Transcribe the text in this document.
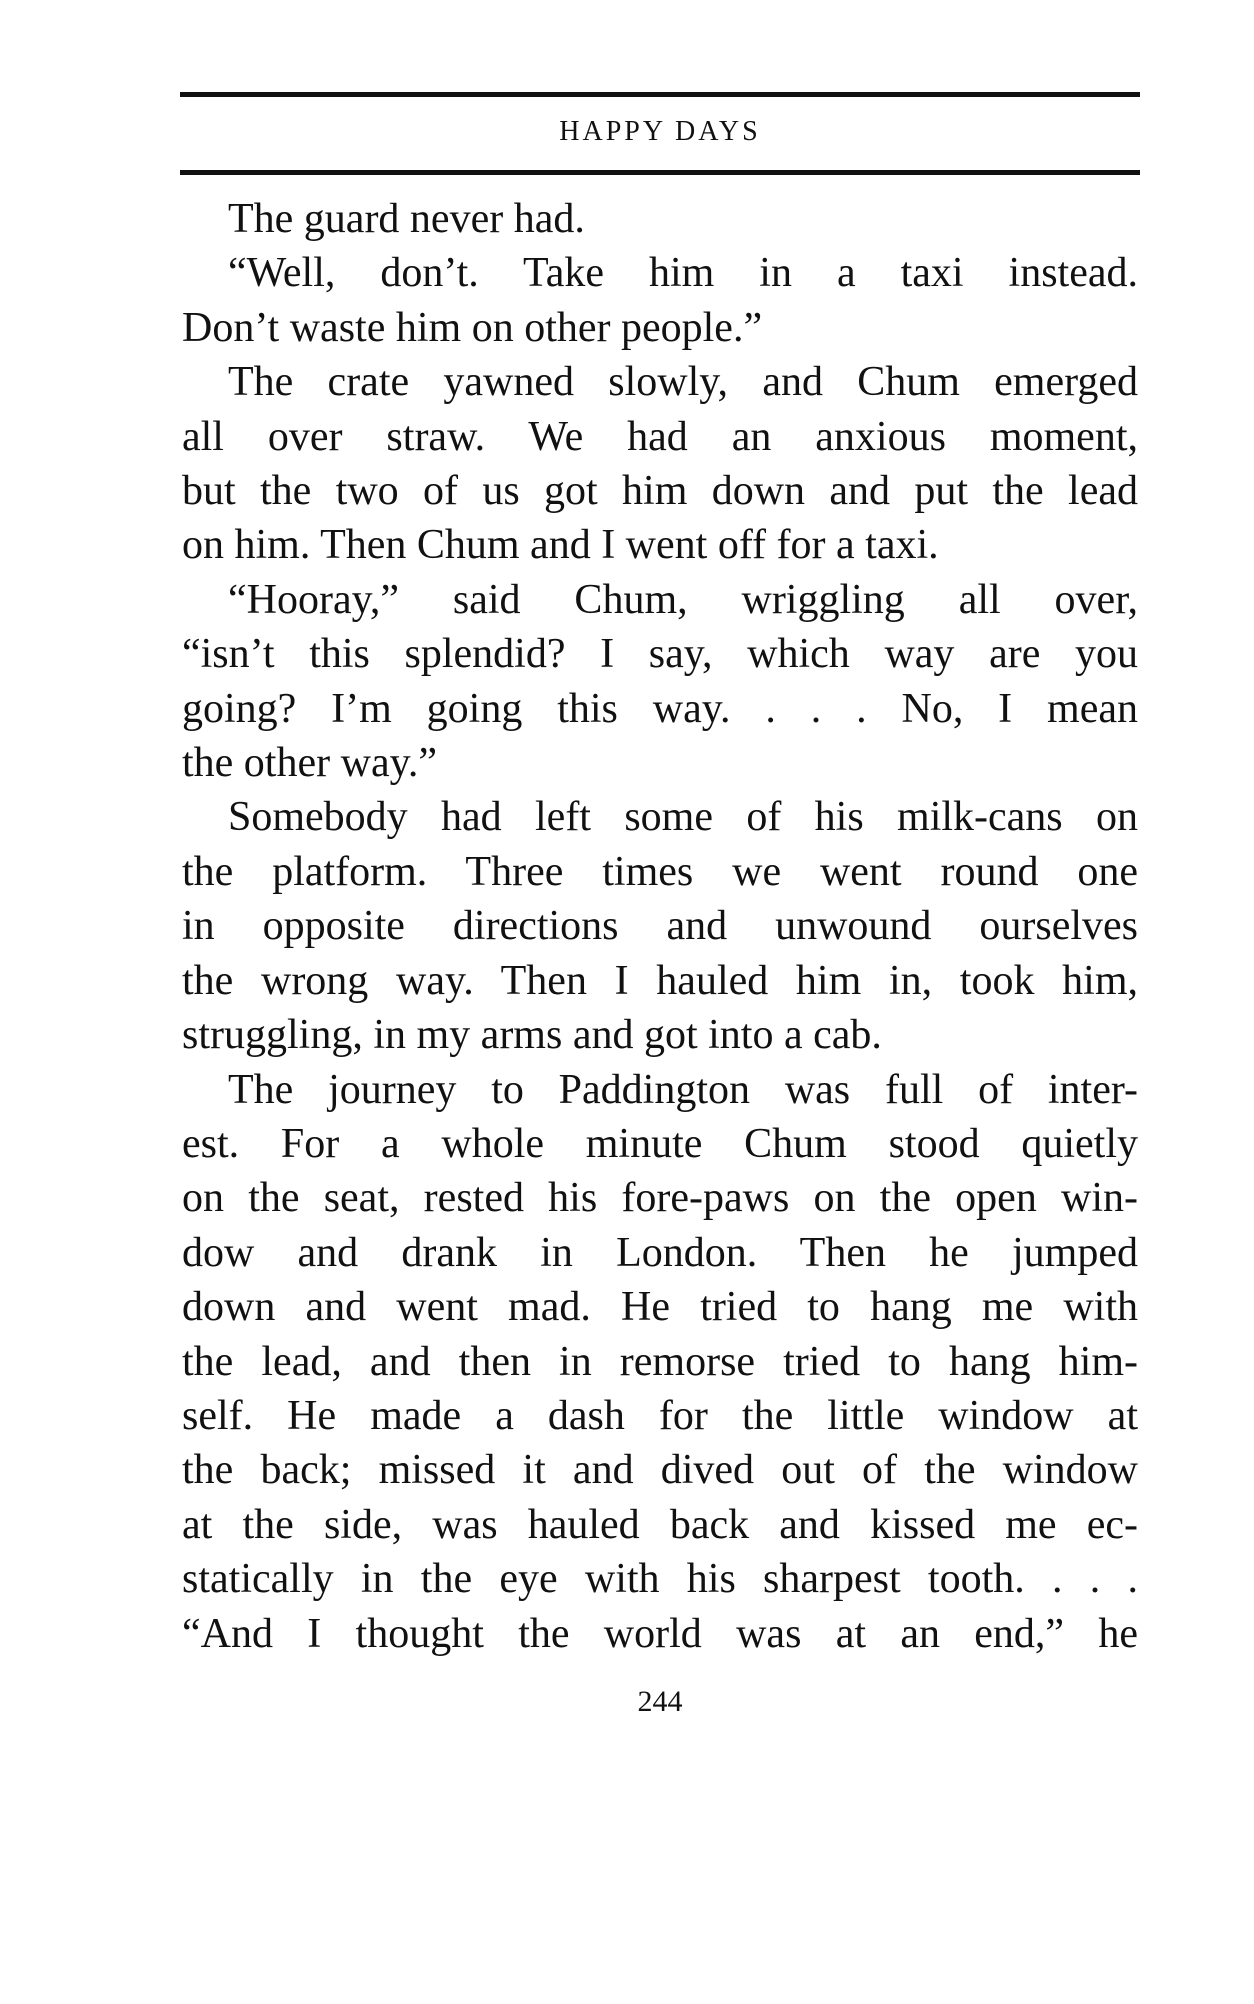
HAPPY DAYS

The guard never had.

“Well, don’t. Take him in a taxi instead.
Don’t waste him on other people.”

The crate yawned slowly, and Chum emerged
all over straw. We had an anxious moment,
but the two of us got him down and put the lead
on him. Then Chum and I went off for a taxi.

“Hooray,” said Chum, wriggling all over,
“isn’t this splendid? I say, which way are you
going? I’m going this way. . . . No, I mean
the other way.”

Somebody had left some of his milk-cans on
the platform. Three times we went round one
in opposite directions and unwound ourselves
the wrong way. Then I hauled him in, took him,
struggling, in my arms and got into a cab.

The journey to Paddington was full of inter-
est. For a whole minute Chum stood quietly
on the seat, rested his fore-paws on the open win-
dow and drank in London. Then he jumped
down and went mad. He tried to hang me with
the lead, and then in remorse tried to hang him-
self. He made a dash for the little window at
the back; missed it and dived out of the window
at the side, was hauled back and kissed me ec-
statically in the eye with his sharpest tooth. . . .
“And I thought the world was at an end,” he

244
